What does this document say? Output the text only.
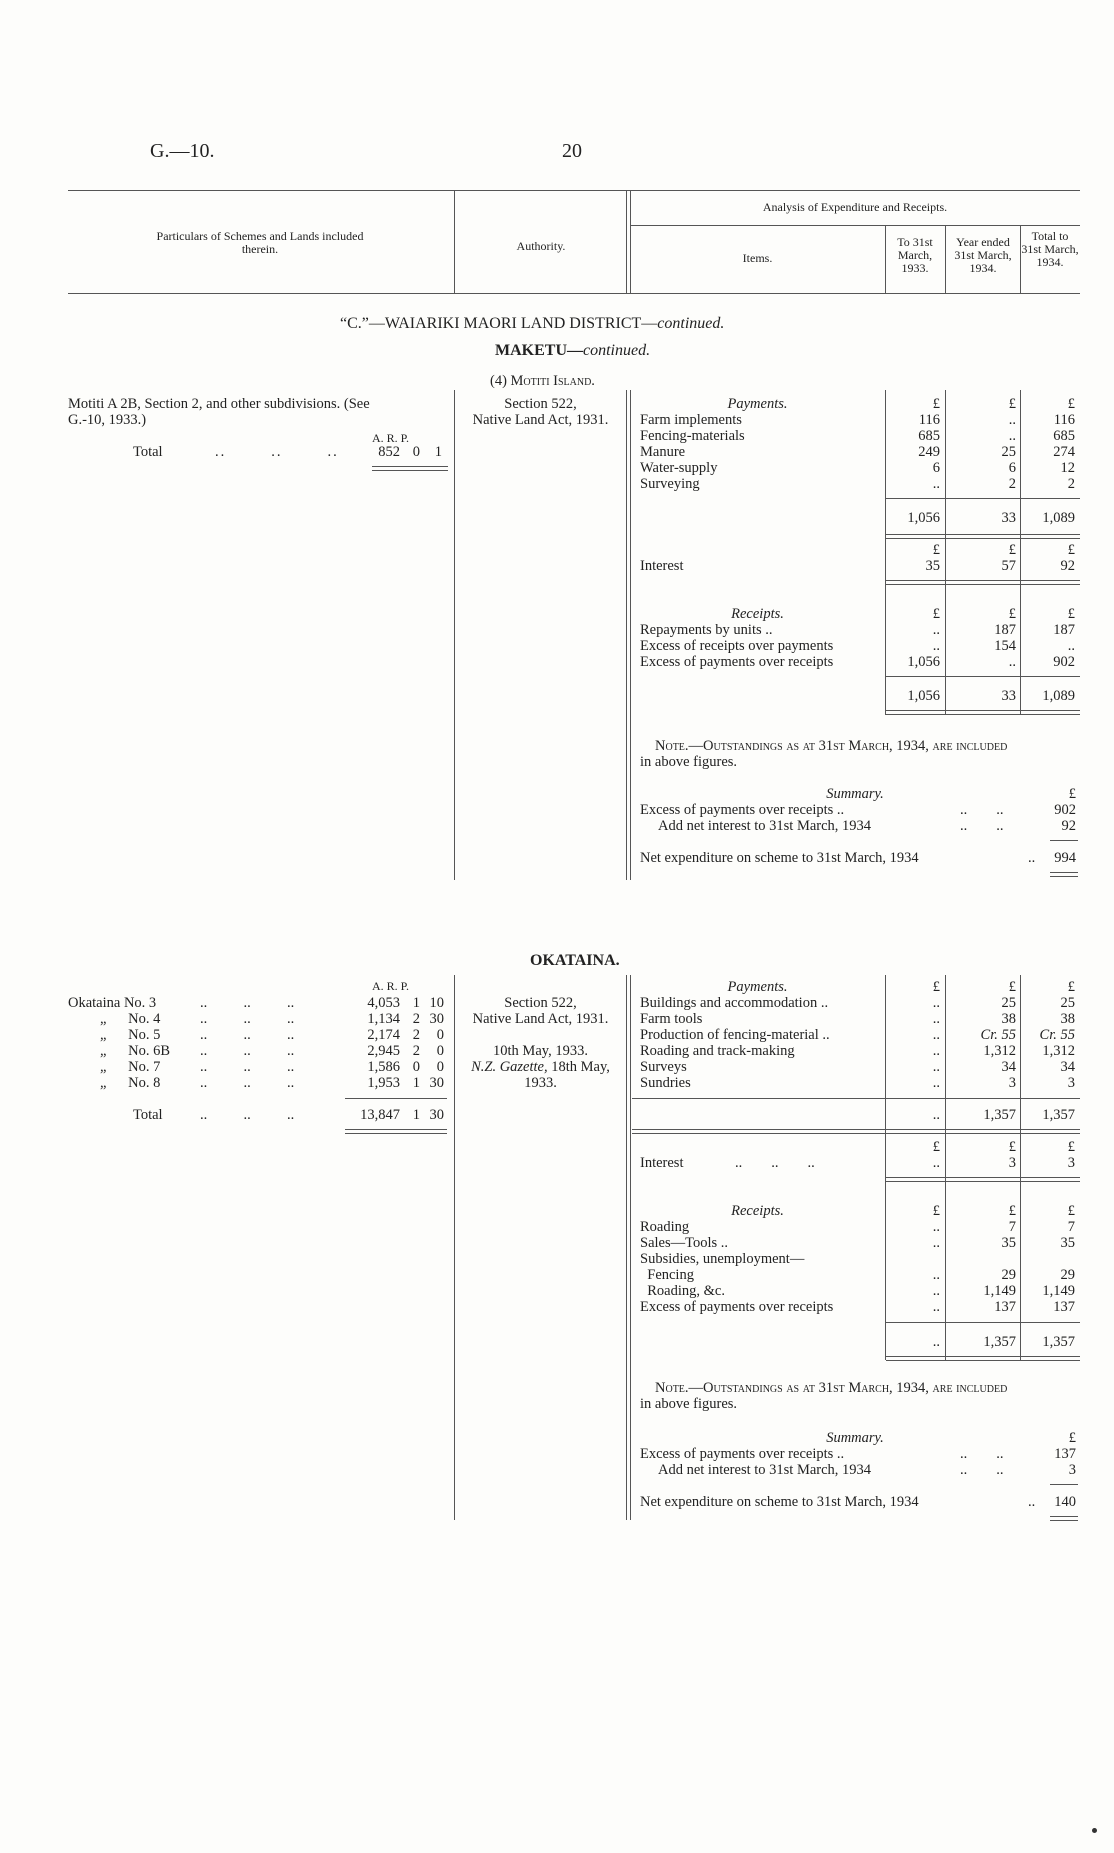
G.—10.	20
Particulars of Schemes and Lands included therein.	Authority.
Analysis of Expenditure and Receipts.
Items.
To 31st March, 1933.
Year ended 31st March, 1934.
Total to 31st March, 1934.
“C.”—WAIARIKI MAORI LAND DISTRICT—continued.
MAKETU—continued.
(4) Motiti Island.
Motiti A 2B, Section 2, and other subdivisions. (See
G.-10, 1933.)
A. R. P.
Total	..        ..        ..	852 0	1
Section 522,
Native Land Act, 1931.
Payments.	£	£	£
Farm implements	116	..	116
Fencing-materials	685	..	685
Manure	249	25	274
Water-supply	6	6	12
Surveying	..	2	2
1,056	33	1,089
£	£	£
Interest	35	57	92
Receipts.	£	£	£
Repayments by units ..	..	187	187
Excess of receipts over payments	..	154	..
Excess of payments over receipts	1,056	..	902
1,056	33	1,089
Note.—Outstandings as at 31st March, 1934, are included
in above figures.
Summary.	£
Excess of payments over receipts ..	..        ..	902
Add net interest to 31st March, 1934	..        ..	92
Net expenditure on scheme to 31st March, 1934	..	994
OKATAINA.
A. R. P.
Okataina No. 3	..          ..          ..	4,053 1 10
„      No. 4	..          ..          ..	1,134 2 30
„      No. 5	..          ..          ..	2,174 2	0
„      No. 6B ..          ..          ..	2,945 2	0
„      No. 7	..          ..          ..	1,586 0	0
„      No. 8	..          ..          ..	1,953 1 30
Total	..          ..          ..	13,847 1 30
Section 522,
Native Land Act, 1931.
10th May, 1933.
N.Z. Gazette, 18th May,
1933.
Payments.	£	£	£
Buildings and accommodation ..	..	25	25
Farm tools	..	38	38
Production of fencing-material ..	..	Cr. 55	Cr. 55
Roading and track-making	..	1,312	1,312
Surveys	..	34	34
Sundries	..	3	3
..	1,357	1,357
£	£	£
Interest	..        ..        ..	..	3	3
Receipts.	£	£	£
Roading	..	7	7
Sales—Tools ..	..	35	35
Subsidies, unemployment—
Fencing	..	29	29
Roading, &c.	..	1,149	1,149
Excess of payments over receipts	..	137	137
..	1,357	1,357
Note.—Outstandings as at 31st March, 1934, are included
in above figures.
Summary.	£
Excess of payments over receipts ..	..        ..	137
Add net interest to 31st March, 1934	..        ..	3
Net expenditure on scheme to 31st March, 1934	..	140
